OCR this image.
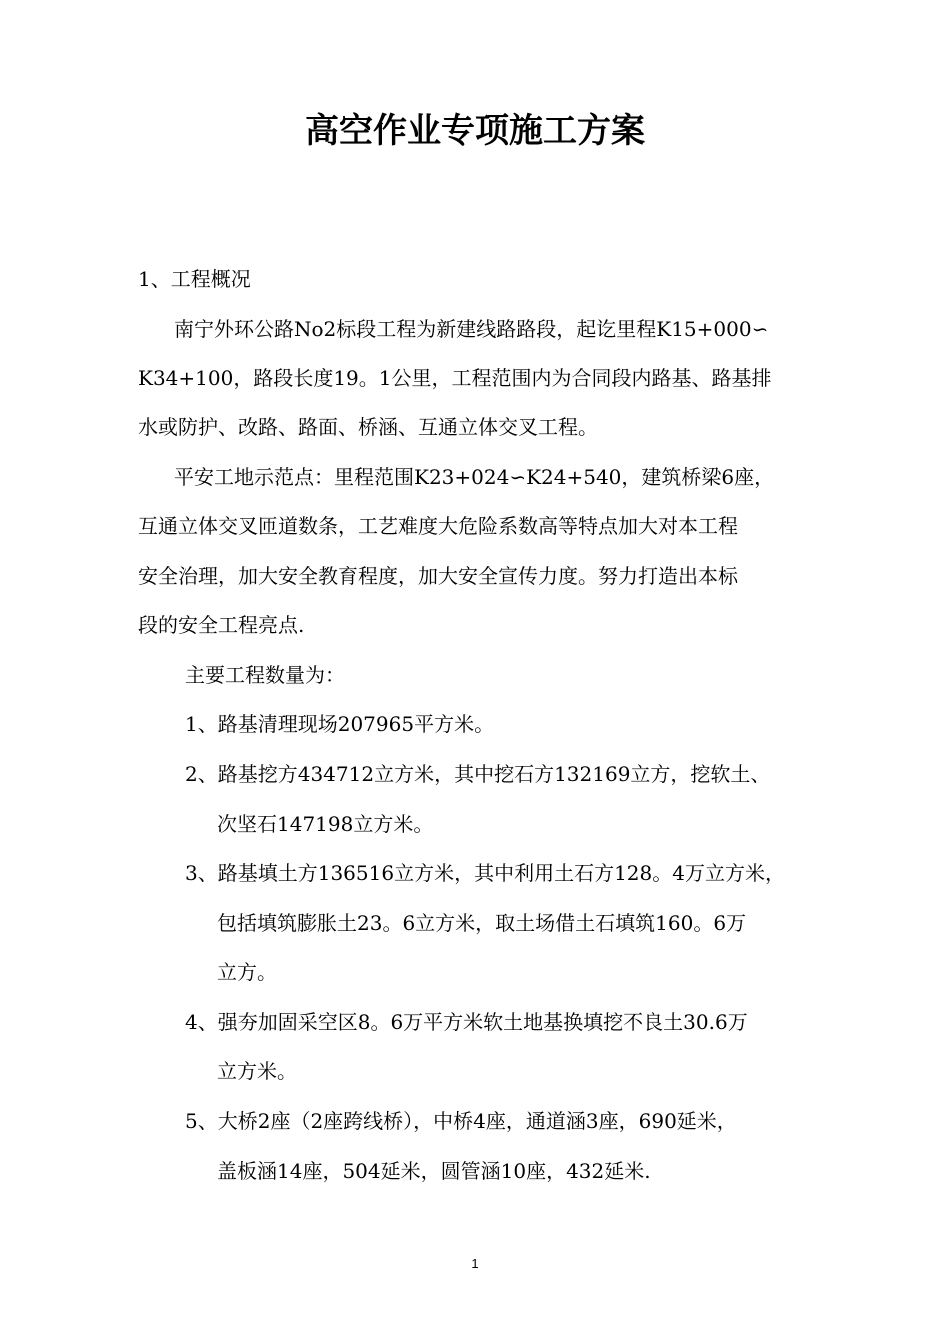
高空作业专项施工方案

1、工程概况

南宁外环公路No2标段工程为新建线路路段，起讫里程K15+000∽

K34+100，路段长度19。1公里，工程范围内为合同段内路基、路基排

水或防护、改路、路面、桥涵、互通立体交叉工程。

平安工地示范点：里程范围K23+024∽K24+540，建筑桥梁6座，

互通立体交叉匝道数条，工艺难度大危险系数高等特点加大对本工程

安全治理，加大安全教育程度，加大安全宣传力度。努力打造出本标

段的安全工程亮点.

主要工程数量为：

1、路基清理现场207965平方米。

2、路基挖方434712立方米，其中挖石方132169立方，挖软土、

次坚石147198立方米。

3、路基填土方136516立方米，其中利用土石方128。4万立方米，

包括填筑膨胀土23。6立方米，取土场借土石填筑160。6万

立方。

4、强夯加固采空区8。6万平方米软土地基换填挖不良土30.6万

立方米。

5、大桥2座（2座跨线桥），中桥4座，通道涵3座，690延米，

盖板涵14座，504延米，圆管涵10座，432延米.

1
